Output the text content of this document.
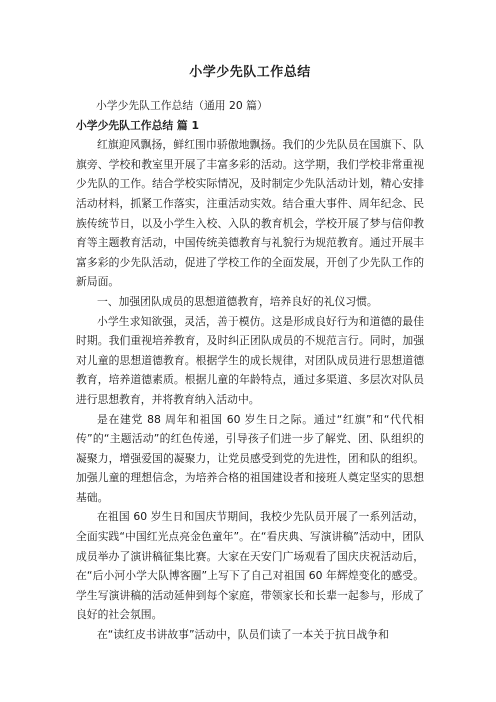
小学少先队工作总结

小学少先队工作总结（通用 20 篇）

小学少先队工作总结 篇 1

红旗迎风飘扬，鲜红围巾骄傲地飘扬。我们的少先队员在国旗下、队旗旁、学校和教室里开展了丰富多彩的活动。这学期，我们学校非常重视少先队的工作。结合学校实际情况，及时制定少先队活动计划，精心安排活动材料，抓紧工作落实，注重活动实效。结合重大事件、周年纪念、民族传统节日，以及小学生入校、入队的教育机会，学校开展了梦与信仰教育等主题教育活动，中国传统美德教育与礼貌行为规范教育。通过开展丰富多彩的少先队活动，促进了学校工作的全面发展，开创了少先队工作的新局面。

一、加强团队成员的思想道德教育，培养良好的礼仪习惯。

小学生求知欲强，灵活，善于模仿。这是形成良好行为和道德的最佳时期。我们重视培养教育，及时纠正团队成员的不规范言行。同时，加强对儿童的思想道德教育。根据学生的成长规律，对团队成员进行思想道德教育，培养道德素质。根据儿童的年龄特点，通过多渠道、多层次对队员进行思想教育，并将教育纳入活动中。

是在建党 88 周年和祖国 60 岁生日之际。通过“红旗”和“代代相传”的“主题活动”的红色传递，引导孩子们进一步了解党、团、队组织的凝聚力，增强爱国的凝聚力，让党员感受到党的先进性，团和队的组织。加强儿童的理想信念，为培养合格的祖国建设者和接班人奠定坚实的思想基础。

在祖国 60 岁生日和国庆节期间，我校少先队员开展了一系列活动，全面实践“中国红光点亮金色童年”。在“看庆典、写演讲稿”活动中，团队成员举办了演讲稿征集比赛。大家在天安门广场观看了国庆庆祝活动后，在“后小河小学大队博客圈”上写下了自己对祖国 60 年辉煌变化的感受。学生写演讲稿的活动延伸到每个家庭，带领家长和长辈一起参与，形成了良好的社会氛围。

在“读红皮书讲故事”活动中，队员们读了一本关于抗日战争和
